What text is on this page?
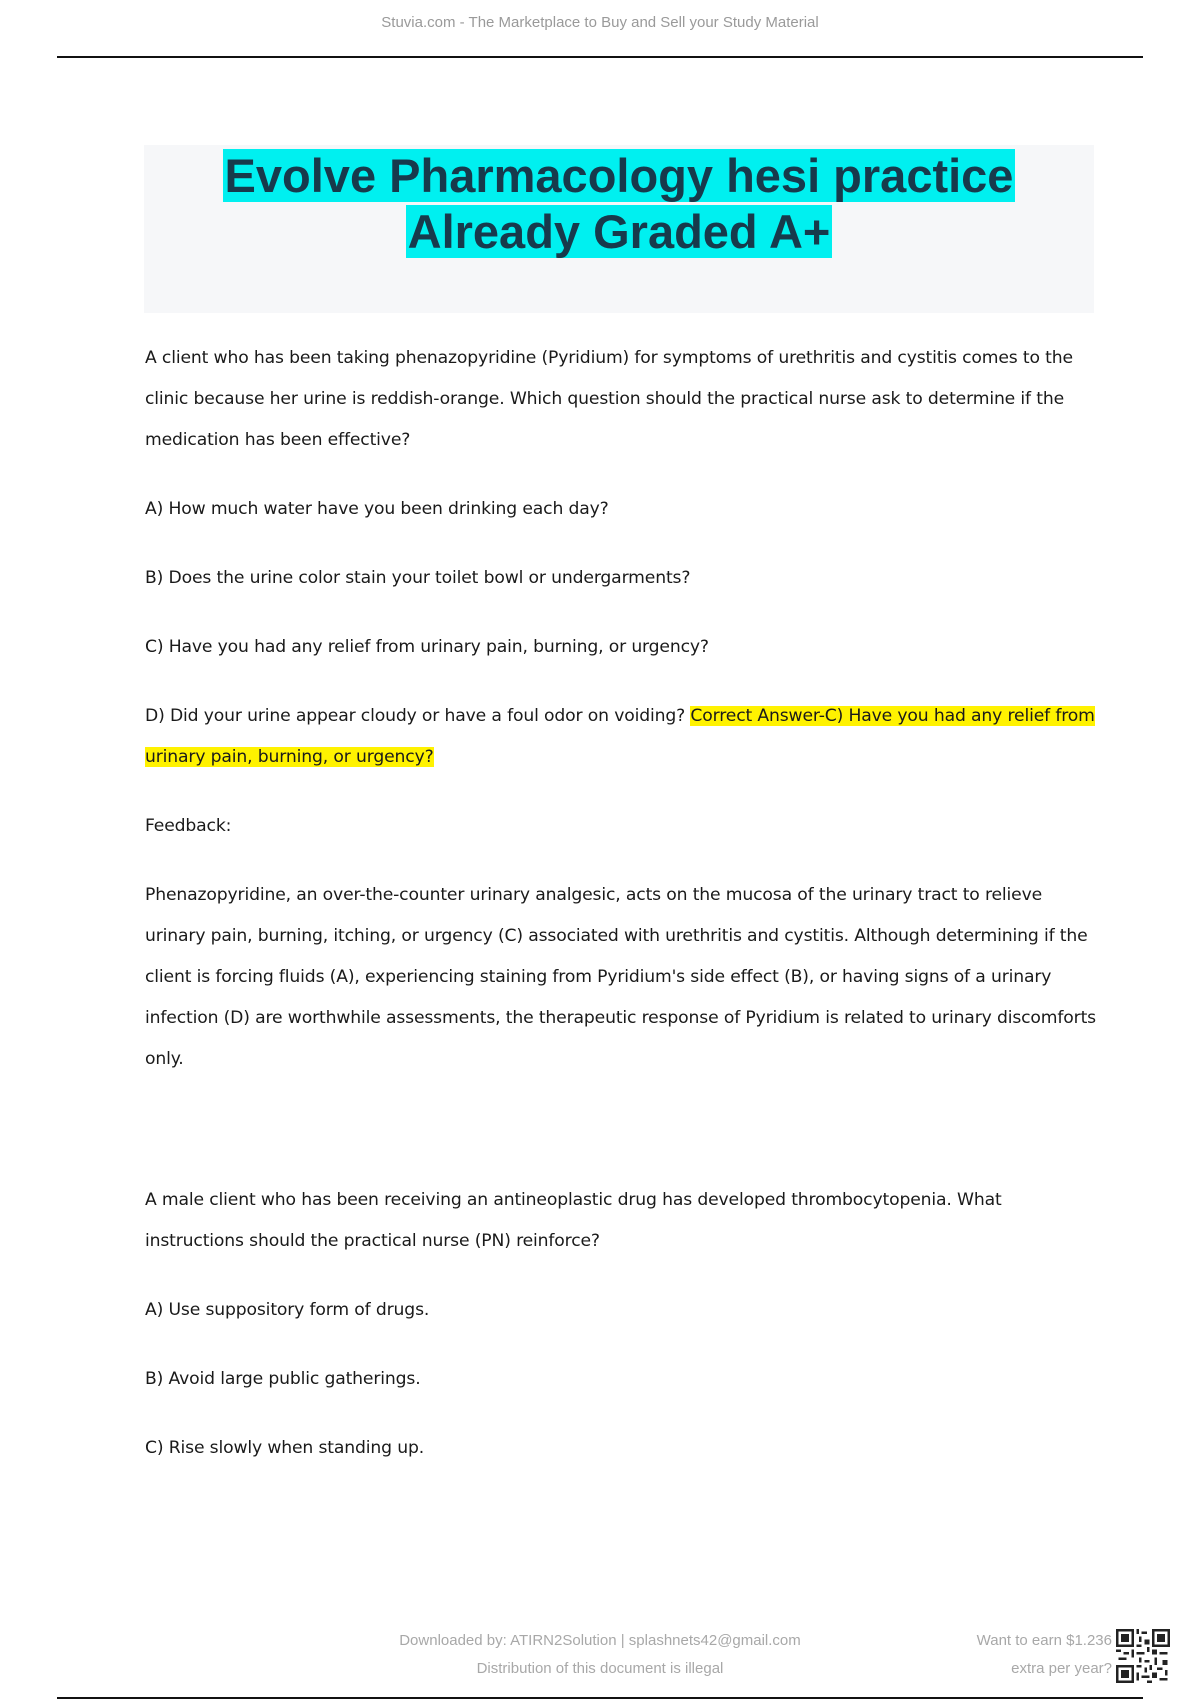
Stuvia.com - The Marketplace to Buy and Sell your Study Material
Evolve Pharmacology hesi practice
Already Graded A+

A client who has been taking phenazopyridine (Pyridium) for symptoms of urethritis and cystitis comes to the clinic because her urine is reddish-orange. Which question should the practical nurse ask to determine if the medication has been effective?

A) How much water have you been drinking each day?

B) Does the urine color stain your toilet bowl or undergarments?

C) Have you had any relief from urinary pain, burning, or urgency?

D) Did your urine appear cloudy or have a foul odor on voiding? Correct Answer-C) Have you had any relief from urinary pain, burning, or urgency?

Feedback:

Phenazopyridine, an over-the-counter urinary analgesic, acts on the mucosa of the urinary tract to relieve urinary pain, burning, itching, or urgency (C) associated with urethritis and cystitis. Although determining if the client is forcing fluids (A), experiencing staining from Pyridium's side effect (B), or having signs of a urinary infection (D) are worthwhile assessments, the therapeutic response of Pyridium is related to urinary discomforts only.

A male client who has been receiving an antineoplastic drug has developed thrombocytopenia. What instructions should the practical nurse (PN) reinforce?

A) Use suppository form of drugs.

B) Avoid large public gatherings.

C) Rise slowly when standing up.

Downloaded by: ATIRN2Solution | splashnets42@gmail.com
Distribution of this document is illegal
Want to earn $1.236
extra per year?
